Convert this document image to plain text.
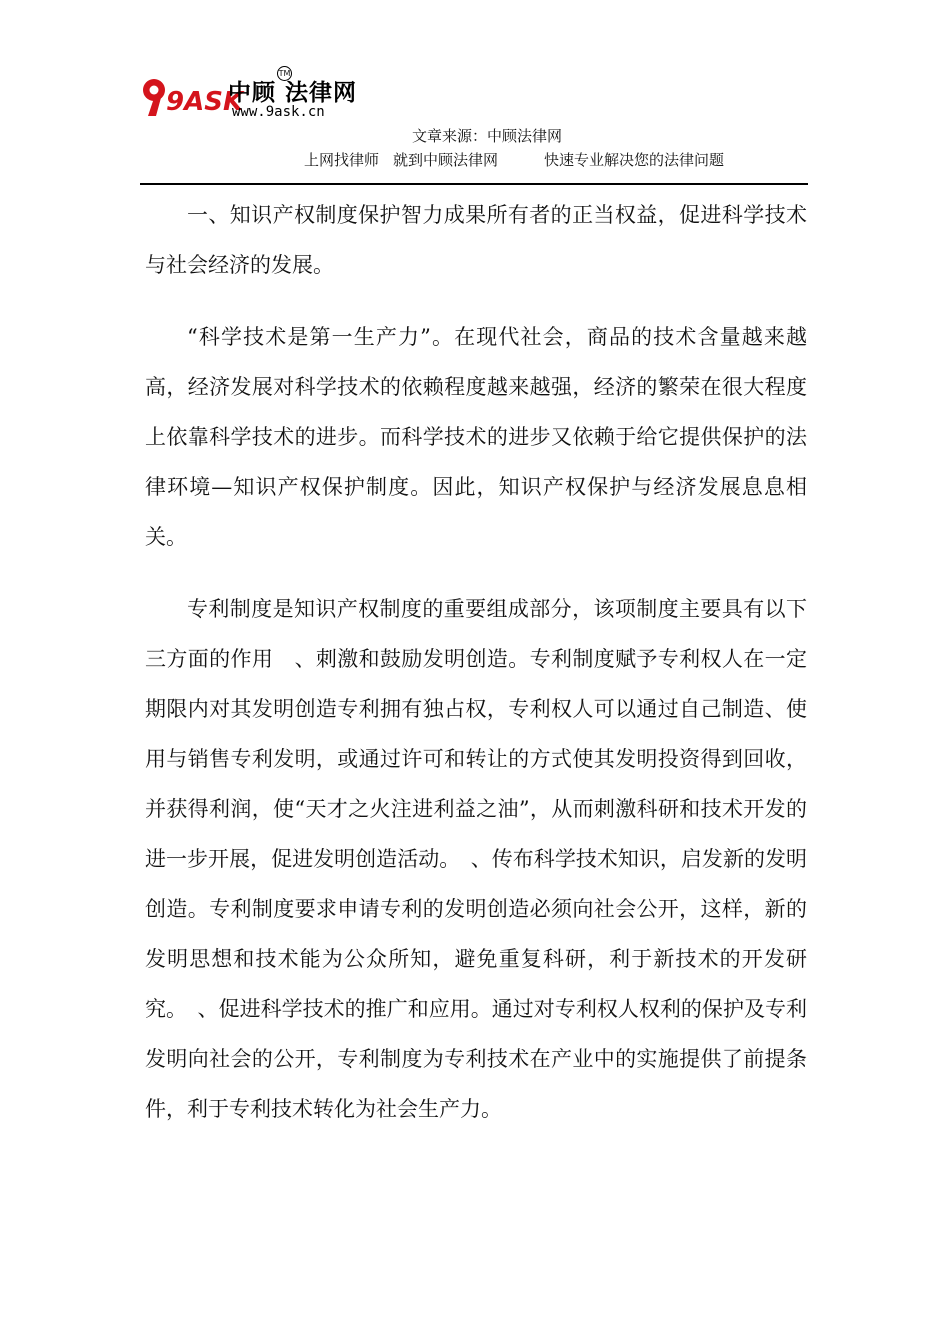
9ASK
中顾 法律网
TM
www.9ask.cn
文章来源：中顾法律网
上网找律师 就到中顾法律网	快速专业解决您的法律问题

一、知识产权制度保护智力成果所有者的正当权益，促进科学技术与社会经济的发展。

“科学技术是第一生产力”。在现代社会，商品的技术含量越来越高，经济发展对科学技术的依赖程度越来越强，经济的繁荣在很大程度上依靠科学技术的进步。而科学技术的进步又依赖于给它提供保护的法律环境—知识产权保护制度。因此，知识产权保护与经济发展息息相关。

专利制度是知识产权制度的重要组成部分，该项制度主要具有以下三方面的作用　、刺激和鼓励发明创造。专利制度赋予专利权人在一定期限内对其发明创造专利拥有独占权，专利权人可以通过自己制造、使用与销售专利发明，或通过许可和转让的方式使其发明投资得到回收，并获得利润，使“天才之火注进利益之油”，从而刺激科研和技术开发的进一步开展，促进发明创造活动。　、传布科学技术知识，启发新的发明创造。专利制度要求申请专利的发明创造必须向社会公开，这样，新的发明思想和技术能为公众所知，避免重复科研，利于新技术的开发研究。　、促进科学技术的推广和应用。通过对专利权人权利的保护及专利发明向社会的公开，专利制度为专利技术在产业中的实施提供了前提条件，利于专利技术转化为社会生产力。
